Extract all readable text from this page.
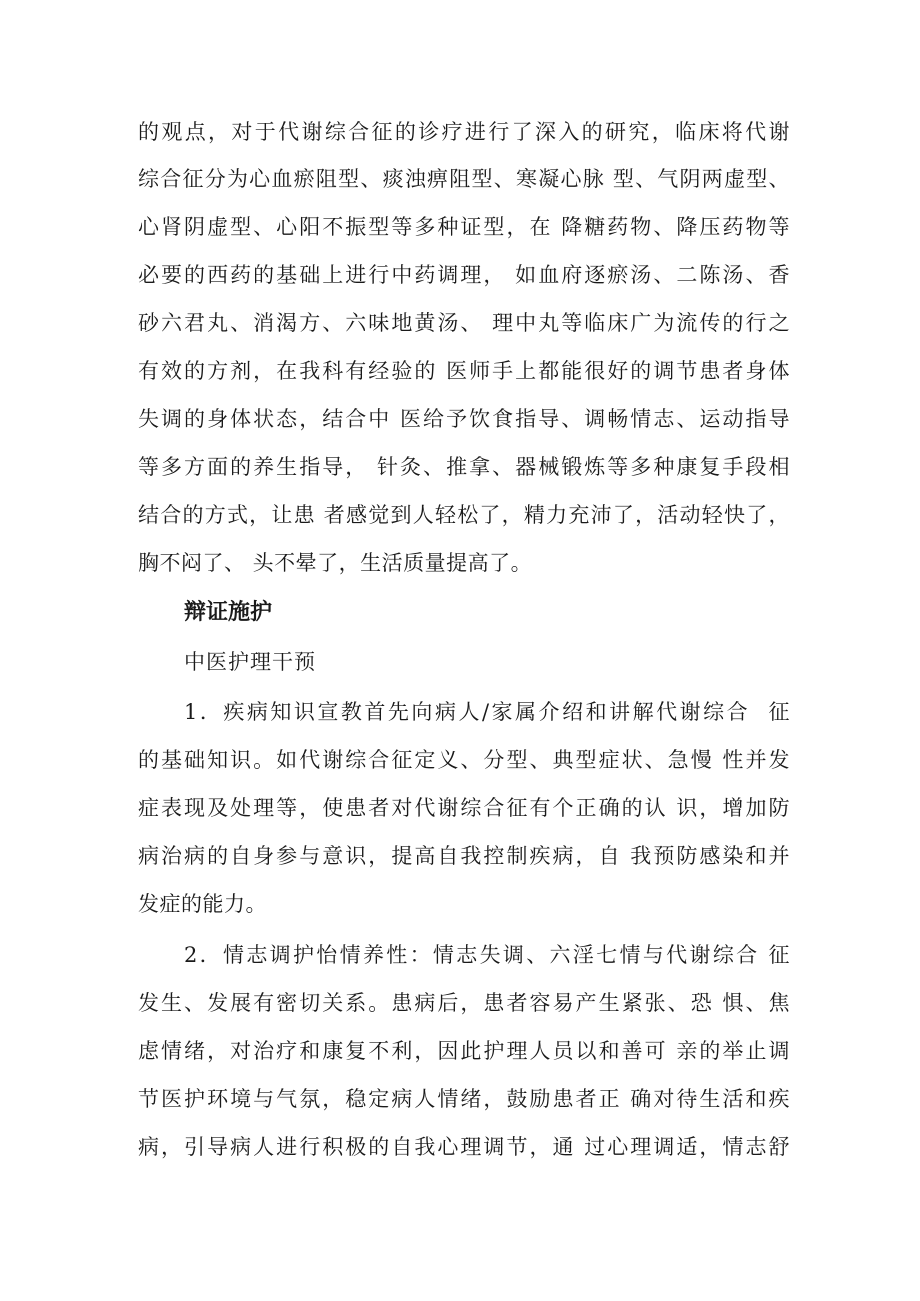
的观点，对于代谢综合征的诊疗进行了深入的研究，临床将代谢
综合征分为心血瘀阻型、痰浊痹阻型、寒凝心脉 型、气阴两虚型、
心肾阴虚型、心阳不振型等多种证型，在 降糖药物、降压药物等
必要的西药的基础上进行中药调理， 如血府逐瘀汤、二陈汤、香
砂六君丸、消渴方、六味地黄汤、 理中丸等临床广为流传的行之
有效的方剂，在我科有经验的 医师手上都能很好的调节患者身体
失调的身体状态，结合中 医给予饮食指导、调畅情志、运动指导
等多方面的养生指导， 针灸、推拿、器械锻炼等多种康复手段相
结合的方式，让患 者感觉到人轻松了，精力充沛了，活动轻快了，
胸不闷了、 头不晕了，生活质量提高了。
辩证施护
中医护理干预
1．疾病知识宣教首先向病人/家属介绍和讲解代谢综合  征
的基础知识。如代谢综合征定义、分型、典型症状、急慢 性并发
症表现及处理等，使患者对代谢综合征有个正确的认 识，增加防
病治病的自身参与意识，提高自我控制疾病，自 我预防感染和并
发症的能力。
2．情志调护怡情养性：情志失调、六淫七情与代谢综合 征
发生、发展有密切关系。患病后，患者容易产生紧张、恐 惧、焦
虑情绪，对治疗和康复不利，因此护理人员以和善可 亲的举止调
节医护环境与气氛，稳定病人情绪，鼓励患者正 确对待生活和疾
病，引导病人进行积极的自我心理调节，通 过心理调适，情志舒
